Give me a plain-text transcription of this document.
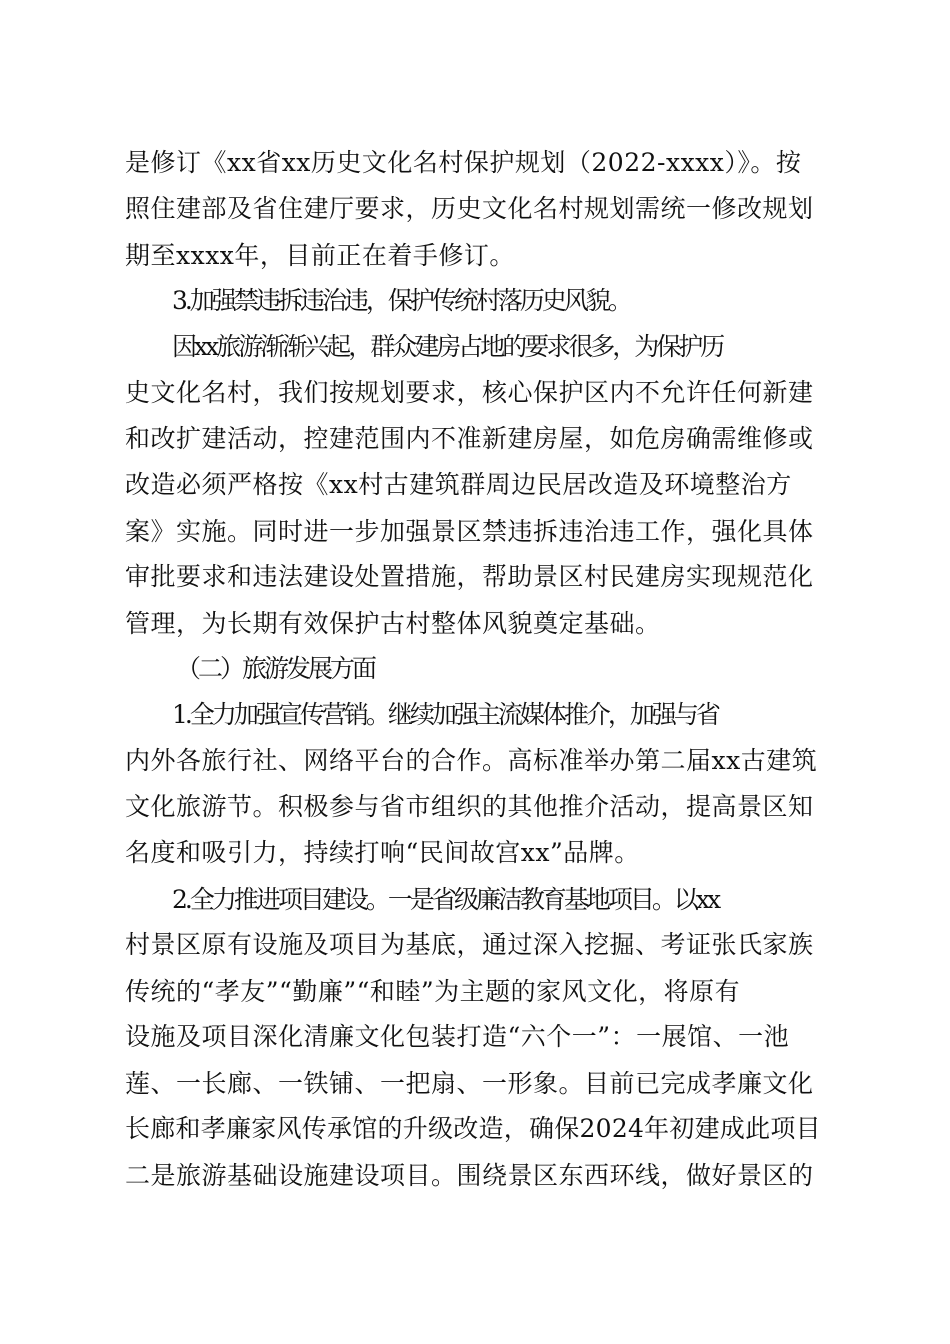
是修订《xx省xx历史文化名村保护规划（2022-xxxx）》。按
照住建部及省住建厅要求，历史文化名村规划需统一修改规划
期至xxxx年，目前正在着手修订。
3.加强禁违拆违治违，保护传统村落历史风貌。
因xx旅游渐渐兴起，群众建房占地的要求很多，为保护历
史文化名村，我们按规划要求，核心保护区内不允许任何新建
和改扩建活动，控建范围内不准新建房屋，如危房确需维修或
改造必须严格按《xx村古建筑群周边民居改造及环境整治方
案》实施。同时进一步加强景区禁违拆违治违工作，强化具体
审批要求和违法建设处置措施，帮助景区村民建房实现规范化
管理，为长期有效保护古村整体风貌奠定基础。
（二）旅游发展方面
1.全力加强宣传营销。继续加强主流媒体推介，加强与省
内外各旅行社、网络平台的合作。高标准举办第二届xx古建筑
文化旅游节。积极参与省市组织的其他推介活动，提高景区知
名度和吸引力，持续打响“民间故宫xx”品牌。
2.全力推进项目建设。一是省级廉洁教育基地项目。以xx
村景区原有设施及项目为基底，通过深入挖掘、考证张氏家族
传统的“孝友”“勤廉”“和睦”为主题的家风文化，将原有
设施及项目深化清廉文化包装打造“六个一”：一展馆、一池
莲、一长廊、一铁铺、一把扇、一形象。目前已完成孝廉文化
长廊和孝廉家风传承馆的升级改造，确保2024年初建成此项目
二是旅游基础设施建设项目。围绕景区东西环线，做好景区的
